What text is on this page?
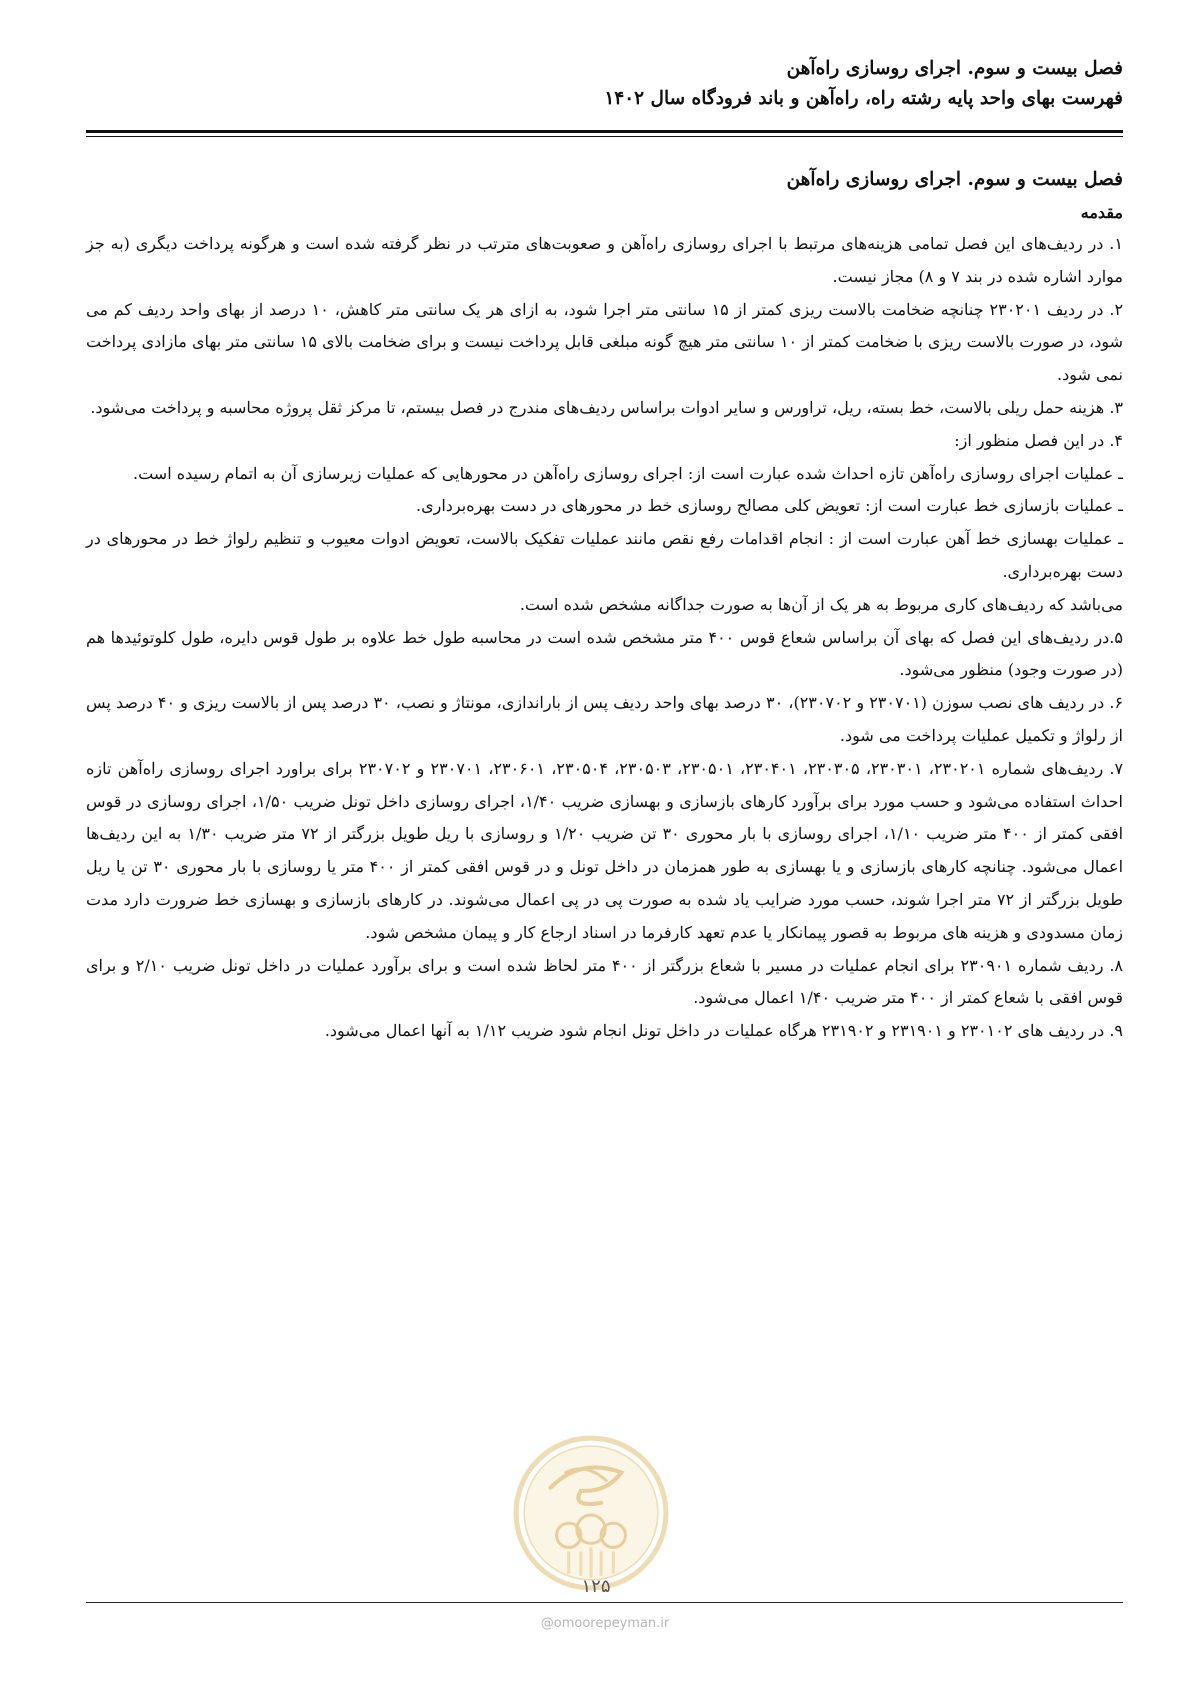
فصل بیست و سوم. اجرای روسازی راه‌آهن
فهرست بهای واحد پایه رشته راه، راه‌آهن و باند فرودگاه سال ۱۴۰۲
فصل بیست و سوم. اجرای روسازی راه‌آهن
مقدمه

۱. در ردیف‌های این فصل تمامی هزینه‌های مرتبط با اجرای روسازی راه‌آهن و صعوبت‌های مترتب در نظر گرفته شده است و هرگونه پرداخت دیگری (به جز موارد اشاره شده در بند ۷ و ۸) مجاز نیست.

۲. در ردیف ۲۳۰۲۰۱ چنانچه ضخامت بالاست ریزی کمتر از ۱۵ سانتی متر اجرا شود، به ازای هر یک سانتی متر کاهش، ۱۰ درصد از بهای واحد ردیف کم می شود، در صورت بالاست ریزی با ضخامت کمتر از ۱۰ سانتی متر هیچ گونه مبلغی قابل پرداخت نیست و برای ضخامت بالای ۱۵ سانتی متر بهای مازادی پرداخت نمی شود.

۳. هزینه حمل ریلی بالاست، خط بسته، ریل، تراورس و سایر ادوات براساس ردیف‌های مندرج در فصل بیستم، تا مرکز ثقل پروژه محاسبه و پرداخت می‌شود.

۴. در این فصل منظور از:

ـ عملیات اجرای روسازی راه‌آهن تازه احداث شده عبارت است از: اجرای روسازی راه‌آهن در محورهایی که عملیات زیرسازی آن به اتمام رسیده است.

ـ عملیات بازسازی خط عبارت است از: تعویض کلی مصالح روسازی خط در محورهای در دست بهره‌برداری.

ـ عملیات بهسازی خط آهن عبارت است از : انجام اقدامات رفع نقص مانند عملیات تفکیک بالاست، تعویض ادوات معیوب و تنظیم رلواژ خط در محورهای در دست بهره‌برداری.

می‌باشد که ردیف‌های کاری مربوط به هر یک از آن‌ها به صورت جداگانه مشخص شده است.

۵.در ردیف‌های این فصل که بهای آن براساس شعاع قوس ۴۰۰ متر مشخص شده است در محاسبه طول خط علاوه بر طول قوس دایره، طول کلوتوئیدها هم (در صورت وجود) منظور می‌شود.

۶. در ردیف های نصب سوزن (۲۳۰۷۰۱ و ۲۳۰۷۰۲)، ۳۰ درصد بهای واحد ردیف پس از باراندازی، مونتاژ و نصب، ۳۰ درصد پس از بالاست ریزی و ۴۰ درصد پس از رلواژ و تکمیل عملیات پرداخت می شود.

۷. ردیف‌های شماره ۲۳۰۲۰۱، ۲۳۰۳۰۱، ۲۳۰۳۰۵، ۲۳۰۴۰۱، ۲۳۰۵۰۱، ۲۳۰۵۰۳، ۲۳۰۵۰۴، ۲۳۰۶۰۱، ۲۳۰۷۰۱ و ۲۳۰۷۰۲ برای براورد اجرای روسازی راه‌آهن تازه احداث استفاده می‌شود و حسب مورد برای برآورد کارهای بازسازی و بهسازی ضریب ۱/۴۰، اجرای روسازی داخل تونل ضریب ۱/۵۰، اجرای روسازی در قوس افقی کمتر از ۴۰۰ متر ضریب ۱/۱۰، اجرای روسازی با بار محوری ۳۰ تن ضریب ۱/۲۰ و روسازی با ریل طویل بزرگتر از ۷۲ متر ضریب ۱/۳۰ به این ردیف‌ها اعمال می‌شود. چنانچه کارهای بازسازی و یا بهسازی به طور همزمان در داخل تونل و در قوس افقی کمتر از ۴۰۰ متر یا روسازی با بار محوری ۳۰ تن یا ریل طویل بزرگتر از ۷۲ متر اجرا شوند، حسب مورد ضرایب یاد شده به صورت پی در پی اعمال می‌شوند. در کارهای بازسازی و بهسازی خط ضرورت دارد مدت زمان مسدودی و هزینه های مربوط به قصور پیمانکار یا عدم تعهد کارفرما در اسناد ارجاع کار و پیمان مشخص شود.

۸. ردیف شماره ۲۳۰۹۰۱ برای انجام عملیات در مسیر با شعاع بزرگتر از ۴۰۰ متر لحاظ شده است و برای برآورد عملیات در داخل تونل ضریب ۲/۱۰ و برای قوس افقی با شعاع کمتر از ۴۰۰ متر ضریب ۱/۴۰ اعمال می‌شود.

۹. در ردیف های ۲۳۰۱۰۲ و ۲۳۱۹۰۱ و ۲۳۱۹۰۲ هرگاه عملیات در داخل تونل انجام شود ضریب ۱/۱۲ به آنها اعمال می‌شود.

۱۲۵
@omoorepeyman.ir
